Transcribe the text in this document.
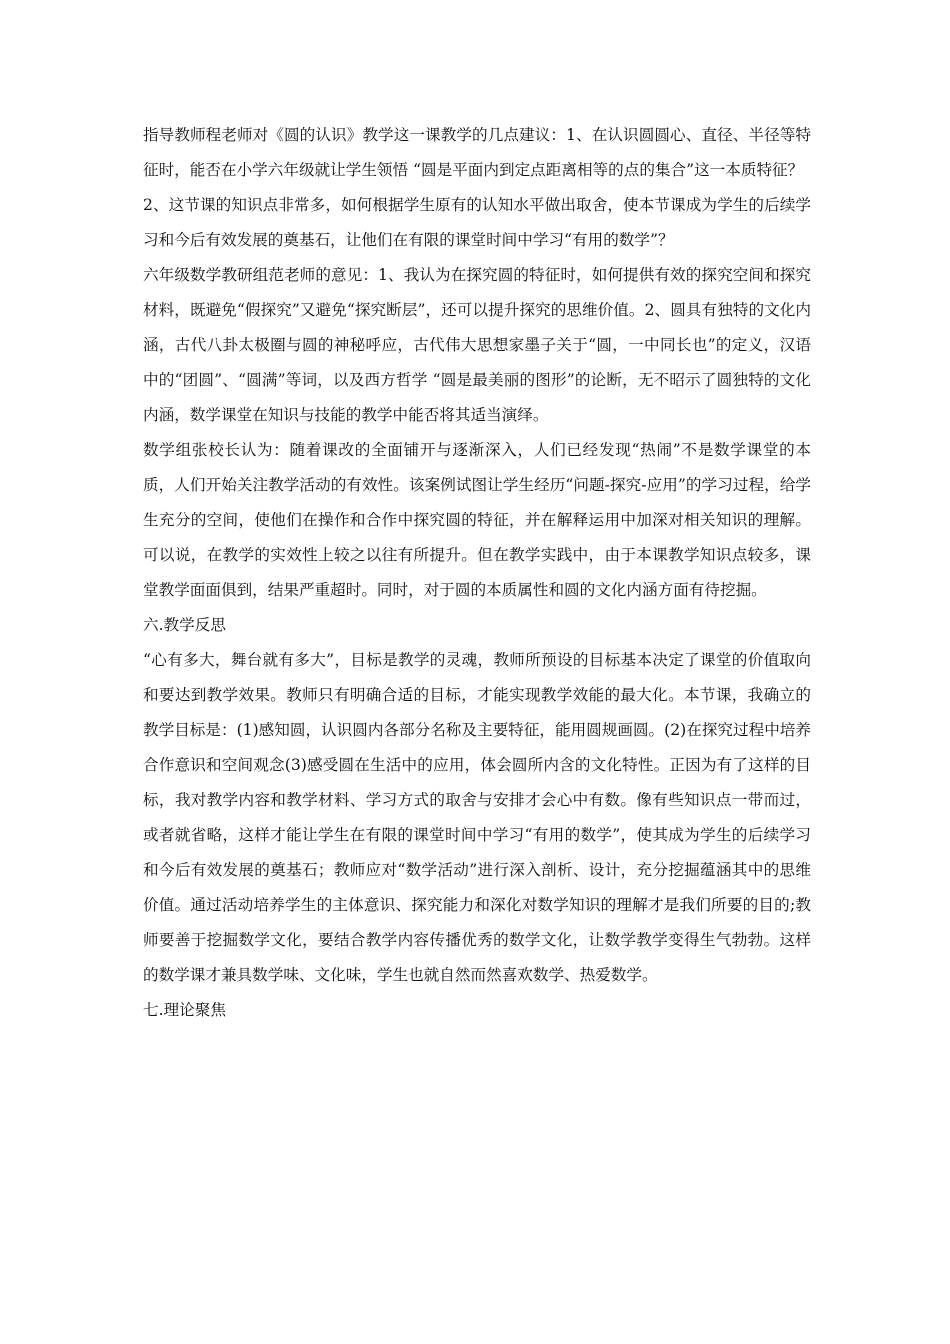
指导教师程老师对《圆的认识》教学这一课教学的几点建议：1、在认识圆圆心、直径、半径等特征时，能否在小学六年级就让学生领悟 “圆是平面内到定点距离相等的点的集合”这一本质特征？

2、这节课的知识点非常多，如何根据学生原有的认知水平做出取舍，使本节课成为学生的后续学习和今后有效发展的奠基石，让他们在有限的课堂时间中学习“有用的数学”？

六年级数学教研组范老师的意见：1、我认为在探究圆的特征时，如何提供有效的探究空间和探究材料，既避免“假探究”又避免“探究断层”，还可以提升探究的思维价值。2、圆具有独特的文化内涵，古代八卦太极圈与圆的神秘呼应，古代伟大思想家墨子关于“圆，一中同长也”的定义，汉语中的“团圆”、“圆满”等词，以及西方哲学 “圆是最美丽的图形”的论断，无不昭示了圆独特的文化内涵，数学课堂在知识与技能的教学中能否将其适当演绎。

数学组张校长认为：随着课改的全面铺开与逐渐深入，人们已经发现“热闹”不是数学课堂的本质，人们开始关注教学活动的有效性。该案例试图让学生经历“问题-探究-应用”的学习过程，给学生充分的空间，使他们在操作和合作中探究圆的特征，并在解释运用中加深对相关知识的理解。可以说，在教学的实效性上较之以往有所提升。但在教学实践中，由于本课教学知识点较多，课堂教学面面俱到，结果严重超时。同时，对于圆的本质属性和圆的文化内涵方面有待挖掘。

六.教学反思

“心有多大，舞台就有多大”，目标是教学的灵魂，教师所预设的目标基本决定了课堂的价值取向和要达到教学效果。教师只有明确合适的目标，才能实现教学效能的最大化。本节课，我确立的教学目标是：(1)感知圆，认识圆内各部分名称及主要特征，能用圆规画圆。(2)在探究过程中培养合作意识和空间观念(3)感受圆在生活中的应用，体会圆所内含的文化特性。正因为有了这样的目标，我对教学内容和教学材料、学习方式的取舍与安排才会心中有数。像有些知识点一带而过，或者就省略，这样才能让学生在有限的课堂时间中学习“有用的数学”，使其成为学生的后续学习和今后有效发展的奠基石；教师应对“数学活动”进行深入剖析、设计，充分挖掘蕴涵其中的思维价值。通过活动培养学生的主体意识、探究能力和深化对数学知识的理解才是我们所要的目的;教师要善于挖掘数学文化，要结合教学内容传播优秀的数学文化，让数学教学变得生气勃勃。这样的数学课才兼具数学味、文化味，学生也就自然而然喜欢数学、热爱数学。

七.理论聚焦
